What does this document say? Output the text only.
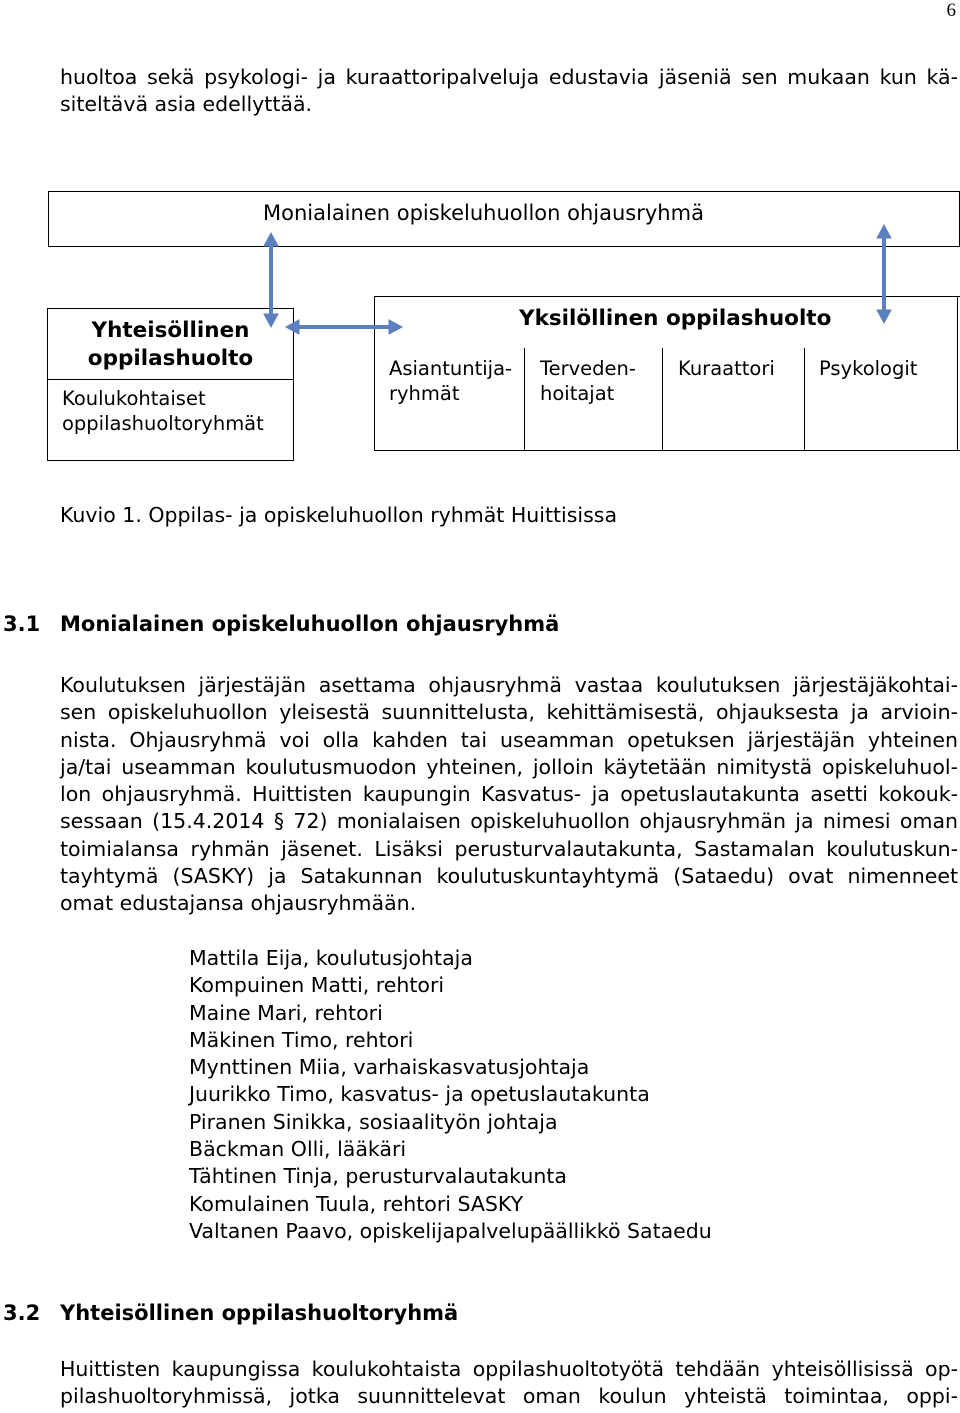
6
huoltoa sekä psykologi- ja kuraattoripalveluja edustavia jäseniä sen mukaan kun kä-
siteltävä asia edellyttää.
Monialainen opiskeluhuollon ohjausryhmä
Yhteisöllinen
oppilashuolto
Koulukohtaiset
oppilashuoltoryhmät
Yksilöllinen oppilashuolto
Asiantuntija-
ryhmät
Terveden-
hoitajat
Kuraattori Psykologit
Kuvio 1. Oppilas- ja opiskeluhuollon ryhmät Huittisissa
3.1 Monialainen opiskeluhuollon ohjausryhmä
Koulutuksen järjestäjän asettama ohjausryhmä vastaa koulutuksen järjestäjäkohtai-
sen opiskeluhuollon yleisestä suunnittelusta, kehittämisestä, ohjauksesta ja arvioin-
nista. Ohjausryhmä voi olla kahden tai useamman opetuksen järjestäjän yhteinen
ja/tai useamman koulutusmuodon yhteinen, jolloin käytetään nimitystä opiskeluhuol-
lon ohjausryhmä. Huittisten kaupungin Kasvatus- ja opetuslautakunta asetti kokouk-
sessaan (15.4.2014 § 72) monialaisen opiskeluhuollon ohjausryhmän ja nimesi oman
toimialansa ryhmän jäsenet. Lisäksi perusturvalautakunta, Sastamalan koulutuskun-
tayhtymä (SASKY) ja Satakunnan koulutuskuntayhtymä (Sataedu) ovat nimenneet
omat edustajansa ohjausryhmään.
Mattila Eija, koulutusjohtaja
Kompuinen Matti, rehtori
Maine Mari, rehtori
Mäkinen Timo, rehtori
Mynttinen Miia, varhaiskasvatusjohtaja
Juurikko Timo, kasvatus- ja opetuslautakunta
Piranen Sinikka, sosiaalityön johtaja
Bäckman Olli, lääkäri
Tähtinen Tinja, perusturvalautakunta
Komulainen Tuula, rehtori SASKY
Valtanen Paavo, opiskelijapalvelupäällikkö Sataedu
3.2 Yhteisöllinen oppilashuoltoryhmä
Huittisten kaupungissa koulukohtaista oppilashuoltotyötä tehdään yhteisöllisissä op-
pilashuoltoryhmissä, jotka suunnittelevat oman koulun yhteistä toimintaa, oppi-
